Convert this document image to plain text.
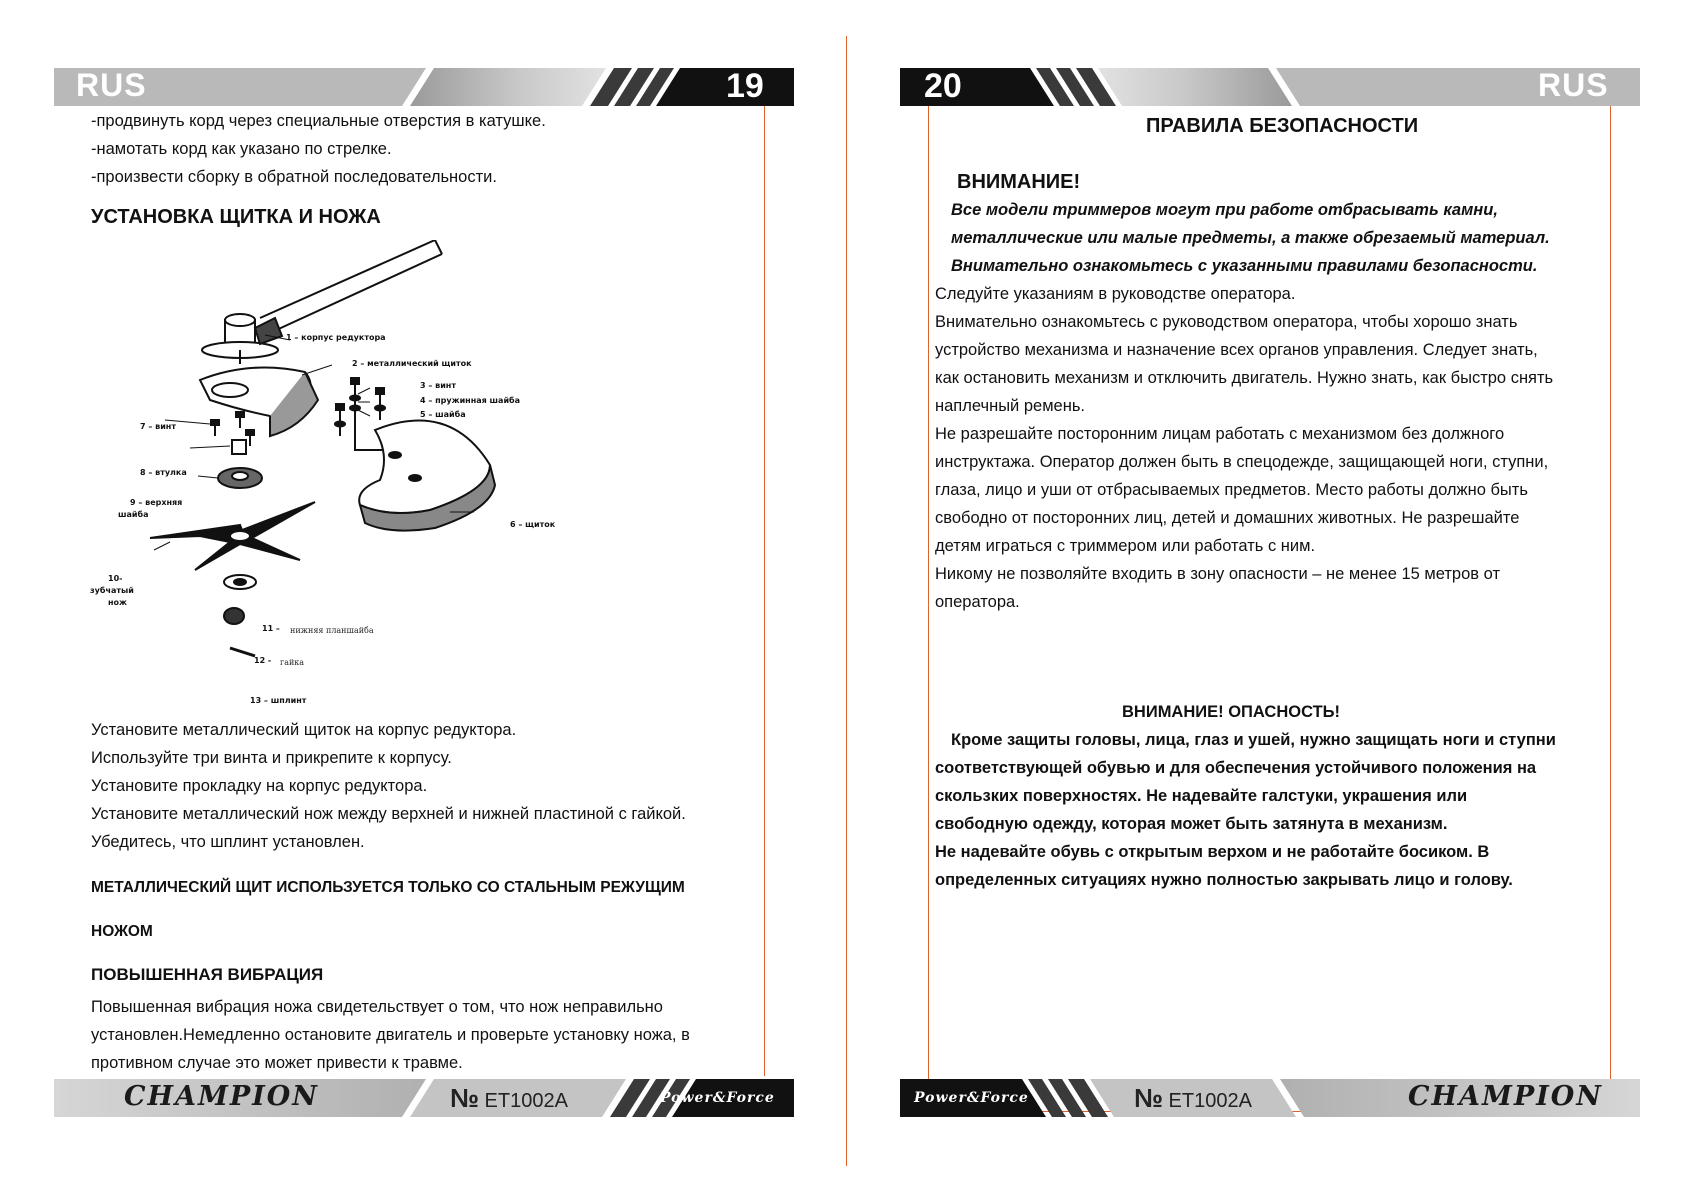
RUS	19
-продвинуть корд через специальные отверстия в катушке.
-намотать корд как указано по стрелке.
-произвести сборку в обратной последовательности.
УСТАНОВКА ЩИТКА И НОЖА
1 – корпус редуктора
2 – металлический щиток
3 – винт
4 – пружинная шайба
5 – шайба
6 – щиток
7 – винт
8 – втулка
9 – верхняя
шайба
10-
зубчатый
нож
11 – нижняя планшайба
12 - гайка
13 – шплинт
Установите металлический щиток на корпус редуктора.
Используйте три винта и прикрепите к корпусу.
Установите прокладку на корпус редуктора.
Установите металлический нож между верхней и нижней пластиной с гайкой.
Убедитесь, что шплинт установлен.
МЕТАЛЛИЧЕСКИЙ ЩИТ ИСПОЛЬЗУЕТСЯ ТОЛЬКО СО СТАЛЬНЫМ РЕЖУЩИМ
НОЖОМ
ПОВЫШЕННАЯ ВИБРАЦИЯ
Повышенная вибрация ножа свидетельствует о том, что нож неправильно
установлен.Немедленно остановите двигатель и проверьте установку ножа, в
противном случае это может привести к травме.
CHAMPION	№ ET1002A	Power&Force
20	RUS
ПРАВИЛА БЕЗОПАСНОСТИ
ВНИМАНИЕ!
Все модели триммеров могут при работе отбрасывать камни,
металлические или малые предметы, а также обрезаемый материал.
Внимательно ознакомьтесь с указанными правилами безопасности.
Следуйте указаниям в руководстве оператора.
Внимательно ознакомьтесь с руководством оператора, чтобы хорошо знать
устройство механизма и назначение всех органов управления. Следует знать,
как остановить механизм и отключить двигатель. Нужно знать, как быстро снять
наплечный ремень.
Не разрешайте посторонним лицам работать с механизмом без должного
инструктажа. Оператор должен быть в спецодежде, защищающей ноги, ступни,
глаза, лицо и уши от отбрасываемых предметов. Место работы должно быть
свободно от посторонних лиц, детей и домашних животных. Не разрешайте
детям играться с триммером или работать с ним.
Никому не позволяйте входить в зону опасности – не менее 15 метров от
оператора.
ВНИМАНИЕ! ОПАСНОСТЬ!
Кроме защиты головы, лица, глаз и ушей, нужно защищать ноги и ступни
соответствующей обувью и для обеспечения устойчивого положения на
скользких поверхностях. Не надевайте галстуки, украшения или
свободную одежду, которая может быть затянута в механизм.
Не надевайте обувь с открытым верхом и не работайте босиком. В
определенных ситуациях нужно полностью закрывать лицо и голову.
Power&Force	№ ET1002A	CHAMPION
